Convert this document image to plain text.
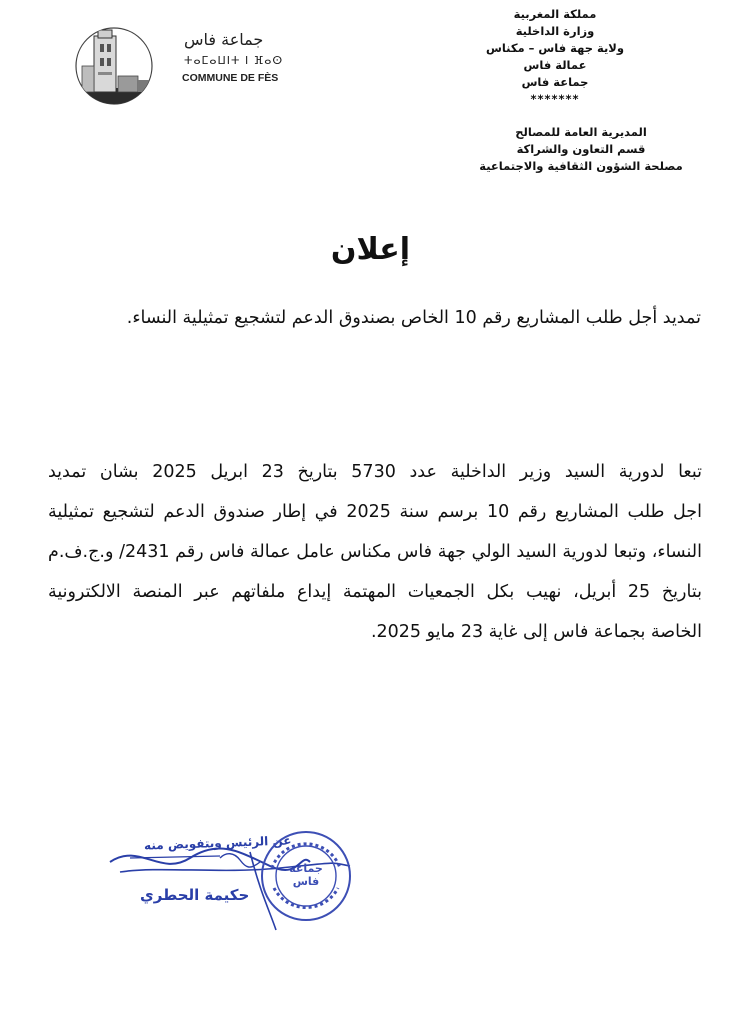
جماعة فاس
ⵜⴰⵎⴰⵡⵏⵜ ⵏ ⴼⴰⵙ
COMMUNE DE FÈS
مملكة المغربية
وزارة الداخلية
ولاية جهة فاس – مكناس
عمالة فاس
جماعة فاس
*******
المديرية العامة للمصالح
قسم التعاون والشراكة
مصلحة الشؤون الثقافية والاجتماعية
إعلان
تمديد أجل طلب المشاريع رقم 10 الخاص بصندوق الدعم لتشجيع تمثيلية النساء.
تبعا لدورية السيد وزير الداخلية عدد 5730 بتاريخ 23 ابريل 2025 بشان تمديد
اجل طلب المشاريع رقم 10 برسم سنة 2025 في إطار صندوق الدعم لتشجيع تمثيلية
النساء، وتبعا لدورية السيد الولي جهة فاس مكناس عامل عمالة فاس رقم 2431/ و.ج.ف.م
بتاريخ 25 أبريل، نهيب بكل الجمعيات المهتمة إيداع ملفاتهم عبر المنصة الالكترونية
الخاصة بجماعة فاس إلى غاية 23 مايو 2025.
عن الرئيس وبتفويض منه
حكيمة الحطري
جماعة
فاس
